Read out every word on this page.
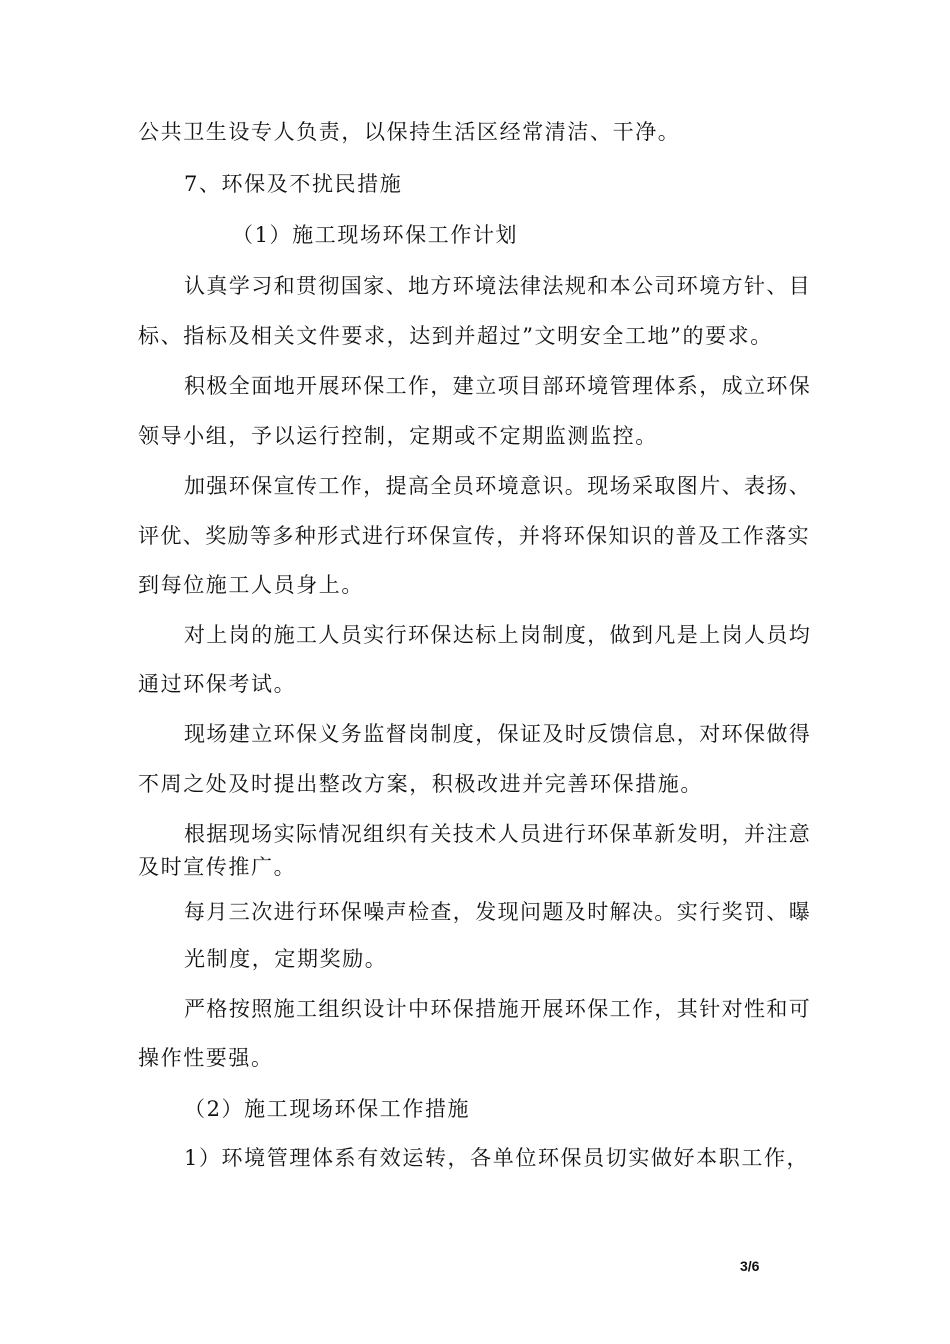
公共卫生设专人负责，以保持生活区经常清洁、干净。
7、环保及不扰民措施
（1）施工现场环保工作计划
认真学习和贯彻国家、地方环境法律法规和本公司环境方针、目
标、指标及相关文件要求，达到并超过”文明安全工地”的要求。
积极全面地开展环保工作，建立项目部环境管理体系，成立环保
领导小组，予以运行控制，定期或不定期监测监控。
加强环保宣传工作，提高全员环境意识。现场采取图片、表扬、
评优、奖励等多种形式进行环保宣传，并将环保知识的普及工作落实
到每位施工人员身上。
对上岗的施工人员实行环保达标上岗制度，做到凡是上岗人员均
通过环保考试。
现场建立环保义务监督岗制度，保证及时反馈信息，对环保做得
不周之处及时提出整改方案，积极改进并完善环保措施。
根据现场实际情况组织有关技术人员进行环保革新发明，并注意
及时宣传推广。
每月三次进行环保噪声检查，发现问题及时解决。实行奖罚、曝
光制度，定期奖励。
严格按照施工组织设计中环保措施开展环保工作，其针对性和可
操作性要强。
（2）施工现场环保工作措施
1）环境管理体系有效运转，各单位环保员切实做好本职工作，
3/6
